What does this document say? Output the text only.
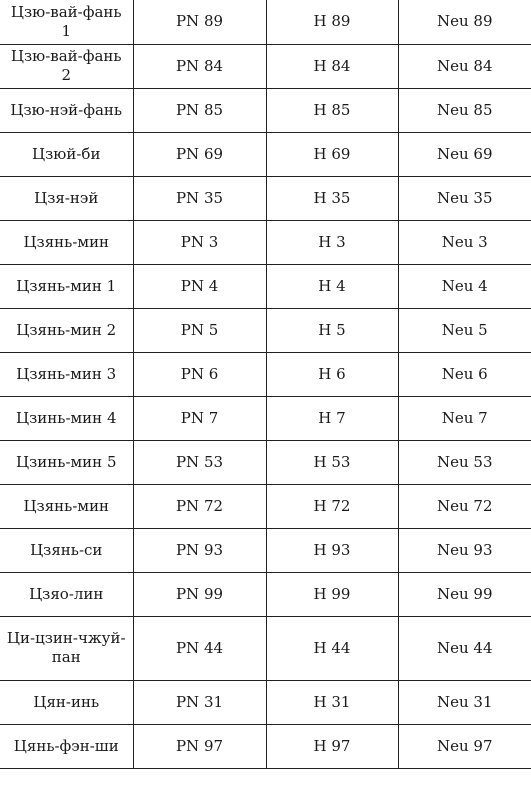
Цзю-вай-фань 1	PN 89	H 89	Neu 89
Цзю-вай-фань 2	PN 84	H 84	Neu 84
Цзю-нэй-фань	PN 85	H 85	Neu 85
Цзюй-би	PN 69	H 69	Neu 69
Цзя-нэй	PN 35	H 35	Neu 35
Цзянь-мин	PN 3	H 3	Neu 3
Цзянь-мин 1	PN 4	H 4	Neu 4
Цзянь-мин 2	PN 5	H 5	Neu 5
Цзянь-мин 3	PN 6	H 6	Neu 6
Цзинь-мин 4	PN 7	H 7	Neu 7
Цзинь-мин 5	PN 53	H 53	Neu 53
Цзянь-мин	PN 72	H 72	Neu 72
Цзянь-си	PN 93	H 93	Neu 93
Цзяо-лин	PN 99	H 99	Neu 99
Ци-цзин-чжуй-пан	PN 44	H 44	Neu 44
Цян-инь	PN 31	H 31	Neu 31
Цянь-фэн-ши	PN 97	H 97	Neu 97
